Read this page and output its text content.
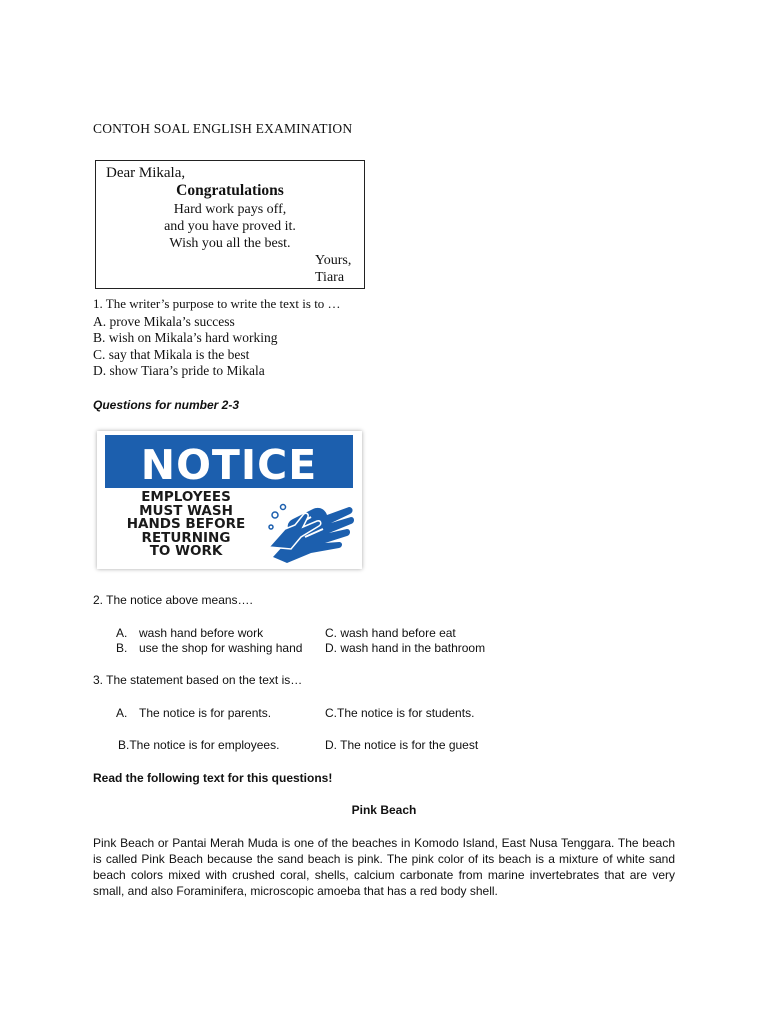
CONTOH SOAL ENGLISH EXAMINATION
Dear Mikala,
Congratulations
Hard work pays off,
and you have proved it.
Wish you all the best.
Yours,
Tiara
1. The writer’s purpose to write the text is to …
A. prove Mikala’s success
B. wish on Mikala’s hard working
C. say that Mikala is the best
D. show Tiara’s pride to Mikala
Questions for number 2-3
NOTICE
EMPLOYEES
MUST WASH
HANDS BEFORE
RETURNING
TO WORK
2. The notice above means….
A. wash hand before work
B. use the shop for washing hand
C. wash hand before eat
D. wash hand in the bathroom
3. The statement based on the text is…
A. The notice is for parents.	C.The notice is for students.
B.The notice is for employees.	D. The notice is for the guest
Read the following text for this questions!
Pink Beach
Pink Beach or Pantai Merah Muda is one of the beaches in Komodo Island, East Nusa Tenggara. The beach is called Pink Beach because the sand beach is pink. The pink color of its beach is a mixture of white sand beach colors mixed with crushed coral, shells, calcium carbonate from marine invertebrates that are very small, and also Foraminifera, microscopic amoeba that has a red body shell.
